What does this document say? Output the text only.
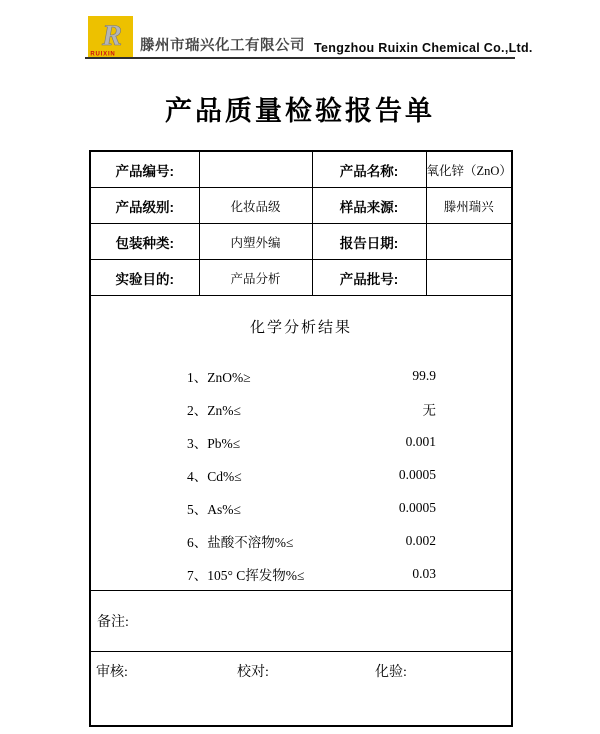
R
RUIXIN
滕州市瑞兴化工有限公司 Tengzhou Ruixin Chemical Co.,Ltd.
产品质量检验报告单
产品编号:		产品名称:	氧化锌（ZnO）
产品级别:	化妆品级	样品来源:	滕州瑞兴
包装种类:	内塑外编	报告日期:	
实验目的:	产品分析	产品批号:	

化学分析结果
1、ZnO%≥	99.9
2、Zn%≤	无
3、Pb%≤	0.001
4、Cd%≤	0.0005
5、As%≤	0.0005
6、盐酸不溶物%≤	0.002
7、105° C挥发物%≤	0.03

备注:			

审核: 校对: 化验:			
